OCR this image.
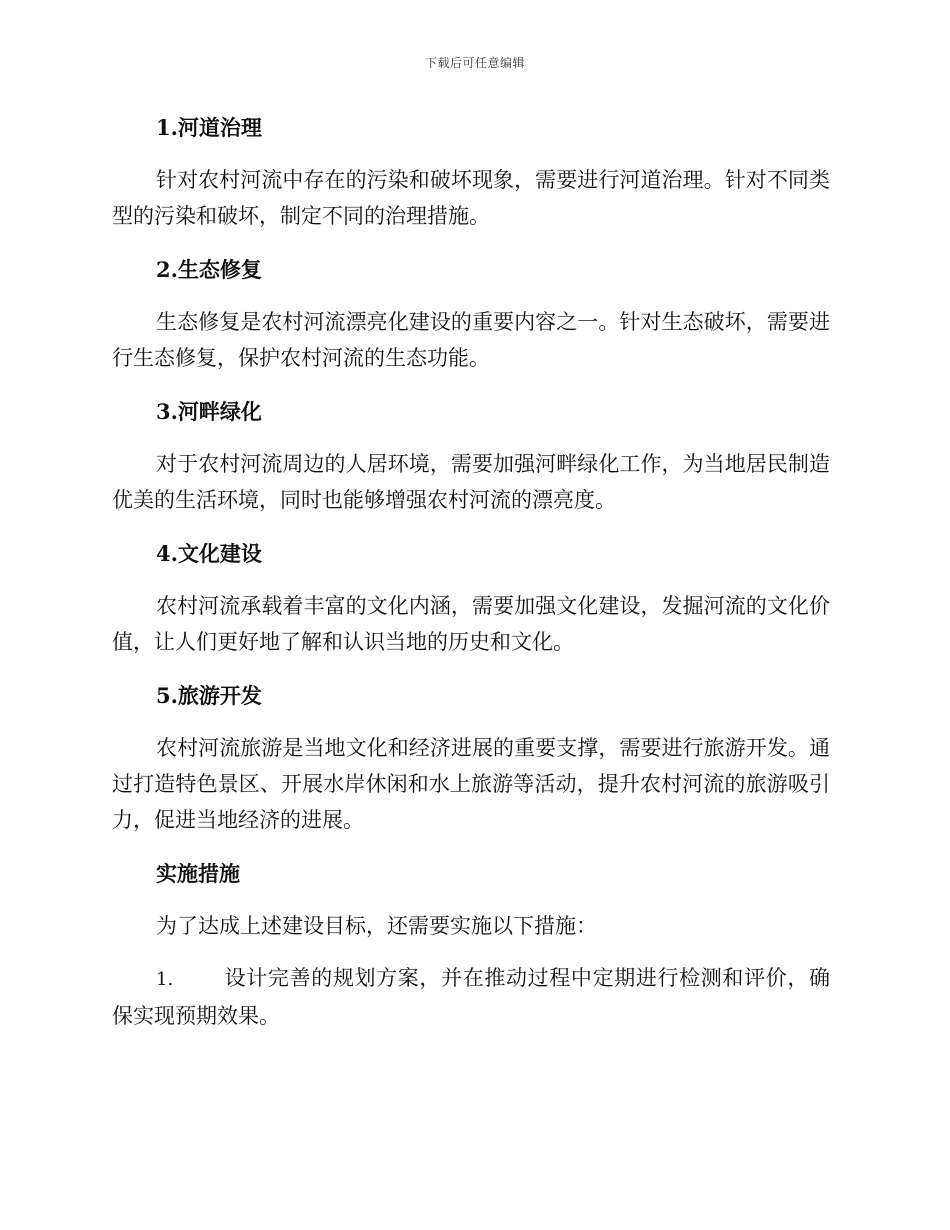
下载后可任意编辑
1.河道治理

针对农村河流中存在的污染和破坏现象，需要进行河道治理。针对不同类型的污染和破坏，制定不同的治理措施。

2.生态修复

生态修复是农村河流漂亮化建设的重要内容之一。针对生态破坏，需要进行生态修复，保护农村河流的生态功能。

3.河畔绿化

对于农村河流周边的人居环境，需要加强河畔绿化工作，为当地居民制造优美的生活环境，同时也能够增强农村河流的漂亮度。

4.文化建设

农村河流承载着丰富的文化内涵，需要加强文化建设，发掘河流的文化价值，让人们更好地了解和认识当地的历史和文化。

5.旅游开发

农村河流旅游是当地文化和经济进展的重要支撑，需要进行旅游开发。通过打造特色景区、开展水岸休闲和水上旅游等活动，提升农村河流的旅游吸引力，促进当地经济的进展。

实施措施

为了达成上述建设目标，还需要实施以下措施：

1. 设计完善的规划方案，并在推动过程中定期进行检测和评价，确保实现预期效果。
